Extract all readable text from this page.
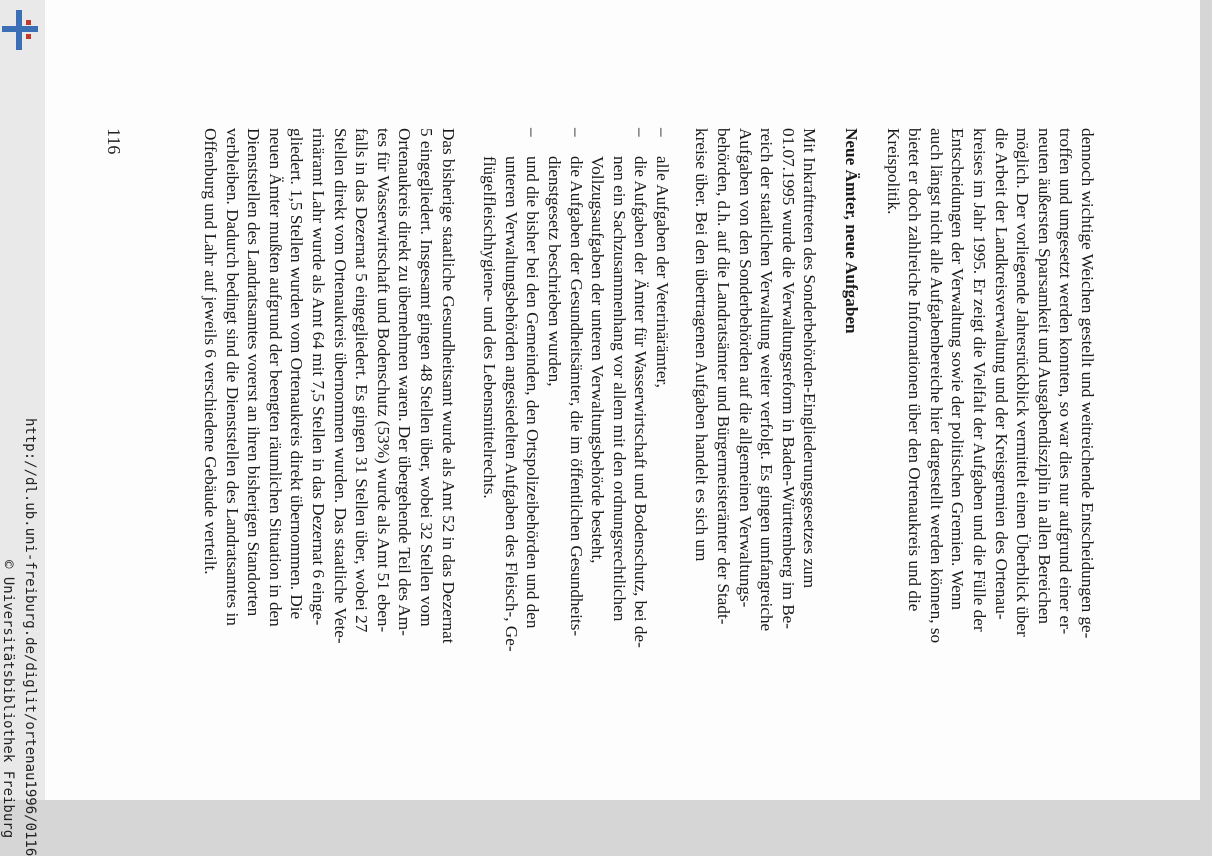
http://dl.ub.uni-freiburg.de/diglit/ortenau1996/0116
© Universitätsbibliothek Freiburg

dennoch wichtige Weichen gestellt und weitreichende Entscheidungen ge-

troffen und umgesetzt werden konnten, so war dies nur aufgrund einer er-

neuten äußersten Sparsamkeit und Ausgabendisziplin in allen Bereichen

möglich. Der vorliegende Jahresrückblick vermittelt einen Überblick über

die Arbeit der Landkreisverwaltung und der Kreisgremien des Ortenau-

kreises im Jahr 1995. Er zeigt die Vielfalt der Aufgaben und die Fülle der

Entscheidungen der Verwaltung sowie der politischen Gremien. Wenn

auch längst nicht alle Aufgabenbereiche hier dargestellt werden können, so

bietet er doch zahlreiche Informationen über den Ortenaukreis und die

Kreispolitik.

Neue Ämter, neue Aufgaben

Mit Inkrafttreten des Sonderbehörden-Eingliederungsgesetzes zum

01.07.1995 wurde die Verwaltungsreform in Baden-Württemberg im Be-

reich der staatlichen Verwaltung weiter verfolgt. Es gingen umfangreiche

Aufgaben von den Sonderbehörden auf die allgemeinen Verwaltungs-

behörden, d.h. auf die Landratsämter und Bürgermeisterämter der Stadt-

kreise über. Bei den übertragenen Aufgaben handelt es sich um

–

alle Aufgaben der Veterinärämter,

–

die Aufgaben der Ämter für Wasserwirtschaft und Bodenschutz, bei de-

nen ein Sachzusammenhang vor allem mit den ordnungsrechtlichen

Vollzugsaufgaben der unteren Verwaltungsbehörde besteht,

–

die Aufgaben der Gesundheitsämter, die im öffentlichen Gesundheits-

dienstgesetz beschrieben wurden,

–

und die bisher bei den Gemeinden, den Ortspolizeibehörden und den

unteren Verwaltungsbehörden angesiedelten Aufgaben des Fleisch-, Ge-

flügelfleischhygiene- und des Lebensmittelrechts.

Das bisherige staatliche Gesundheitsamt wurde als Amt 52 in das Dezernat

5 eingegliedert. Insgesamt gingen 48 Stellen über, wobei 32 Stellen vom

Ortenaukreis direkt zu übernehmen waren. Der übergehende Teil des Am-

tes für Wasserwirtschaft und Bodenschutz (53%) wurde als Amt 51 eben-

falls in das Dezernat 5 eingegliedert. Es gingen 31 Stellen über, wobei 27

Stellen direkt vom Ortenaukreis übernommen wurden. Das staatliche Vete-

rinäramt Lahr wurde als Amt 64 mit 7,5 Stellen in das Dezernat 6 einge-

gliedert. 1,5 Stellen wurden vom Ortenaukreis direkt übernommen. Die

neuen Ämter mußten aufgrund der beengten räumlichen Situation in den

Dienststellen des Landratsamtes vorerst an ihren bisherigen Standorten

verbleiben. Dadurch bedingt sind die Dienststellen des Landratsamtes in

Offenburg und Lahr auf jeweils 6 verschiedene Gebäude verteilt.

116
